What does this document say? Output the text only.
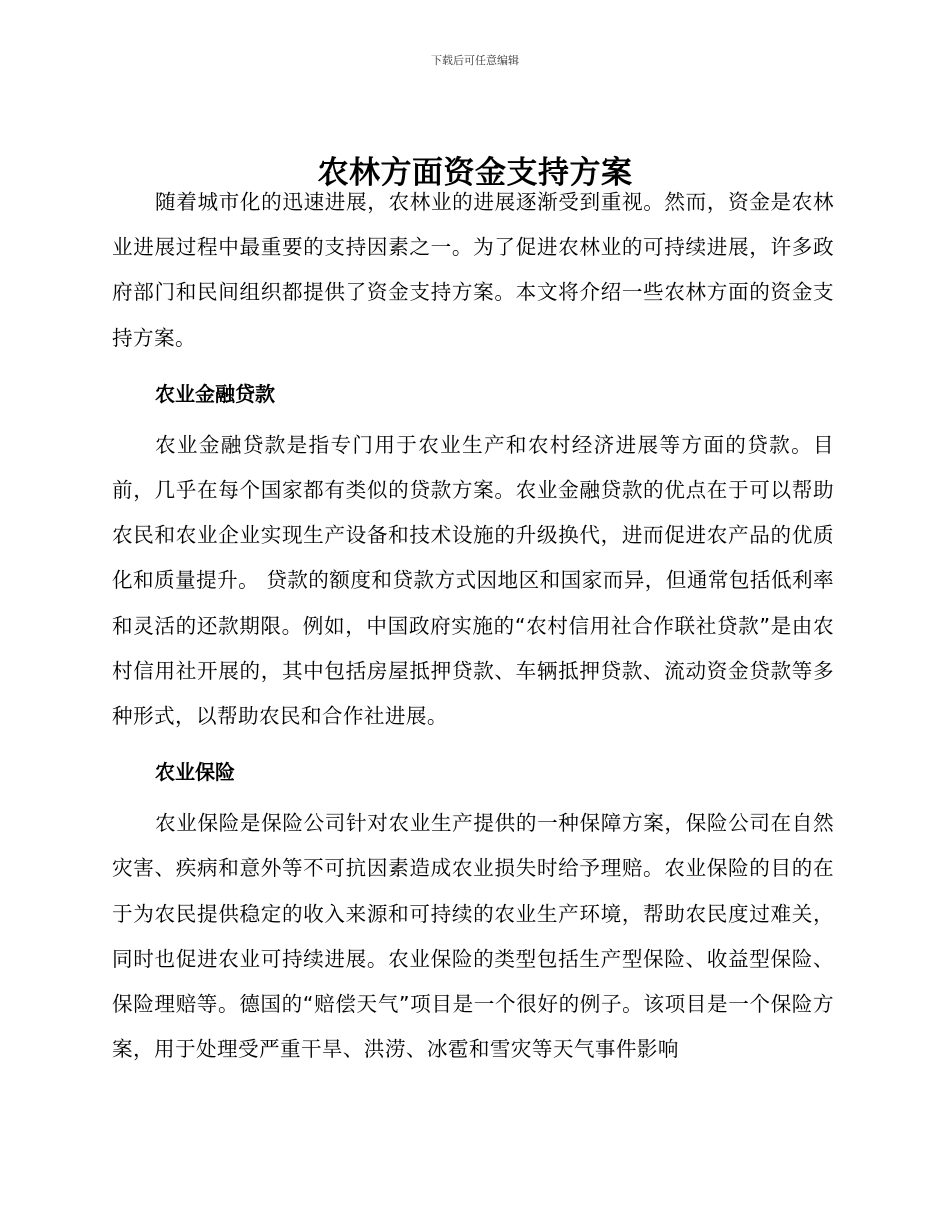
下载后可任意编辑
农林方面资金支持方案

随着城市化的迅速进展，农林业的进展逐渐受到重视。然而，资金是农林业进展过程中最重要的支持因素之一。为了促进农林业的可持续进展，许多政府部门和民间组织都提供了资金支持方案。本文将介绍一些农林方面的资金支持方案。

农业金融贷款

农业金融贷款是指专门用于农业生产和农村经济进展等方面的贷款。目前，几乎在每个国家都有类似的贷款方案。农业金融贷款的优点在于可以帮助农民和农业企业实现生产设备和技术设施的升级换代，进而促进农产品的优质化和质量提升。 贷款的额度和贷款方式因地区和国家而异，但通常包括低利率和灵活的还款期限。例如，中国政府实施的“农村信用社合作联社贷款”是由农村信用社开展的，其中包括房屋抵押贷款、车辆抵押贷款、流动资金贷款等多种形式，以帮助农民和合作社进展。

农业保险

农业保险是保险公司针对农业生产提供的一种保障方案，保险公司在自然灾害、疾病和意外等不可抗因素造成农业损失时给予理赔。农业保险的目的在于为农民提供稳定的收入来源和可持续的农业生产环境，帮助农民度过难关，同时也促进农业可持续进展。农业保险的类型包括生产型保险、收益型保险、保险理赔等。德国的“赔偿天气”项目是一个很好的例子。该项目是一个保险方案，用于处理受严重干旱、洪涝、冰雹和雪灾等天气事件影响
